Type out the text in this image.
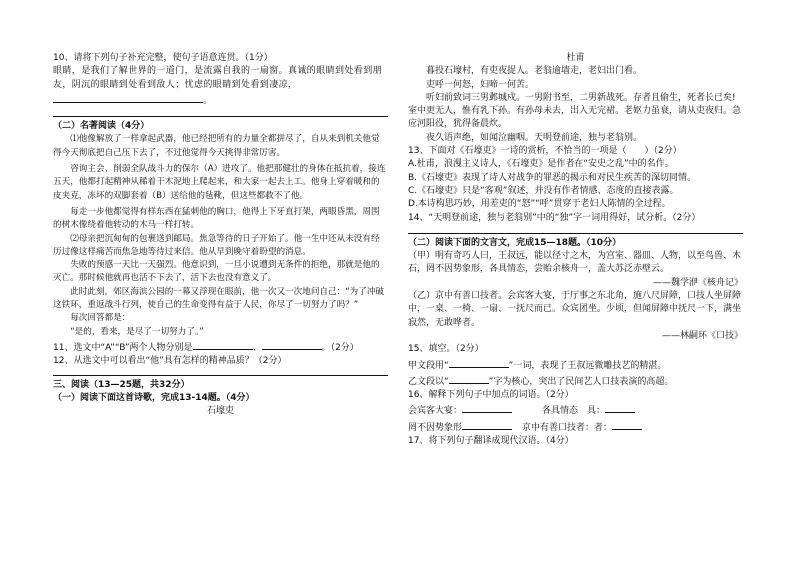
10、请将下列句子补充完整，使句子语意连贯。（1分）

眼睛，是我们了解世界的一道门，是流露自我的一扇窗。真诚的眼睛到处看到朋友，阴沉的眼睛到处看到敌人；忧虑的眼睛到处看到凄凉，。

（二）名著阅读（4分）

⑴他像解放了一样拿起武器，他已经把所有的力量全都拼尽了，自从来到机关他觉得今天彻底把自己压下去了，不过他觉得今天挑得非常厉害。

咨询主会、削弱全队战斗力的保尔（A）进攻了。他把那健壮的身体在抵抗着，接连五天，他都打起精神从稀着干木泥地上爬起来，和大家一起去上工。他身上穿着暖和的皮夹克，冻坏的双脚套着（B）送给他的毡靴，但这些都救不了他。

每走一步他都觉得有样东西在猛刺他的胸口，他得上下牙直打架，两眼昏黑，周围的树木像绕着他转动的木马一样打转。

⑵母亲把沉甸甸的包裹送到邮局。焦急等待的日子开始了。他一生中还从未没有经历过像这样痛苦而焦急地等待过来信。他从早到晚守着盼望的消息。

失败的预感一天比一天强烈。他意识到，一旦小说遭到无条件的拒绝，那就是他的灭亡。那时候他就再也活不下去了，活下去也没有意义了。

此时此刻，郊区海滨公园的一幕又浮现在眼前，他一次又一次地问自己：“为了冲破这铁环，重返战斗行列，使自己的生命变得有益于人民，你尽了一切努力了吗？”

每次回答都是：

“是的，看来，是尽了一切努力了。”

11、选文中“A”“B”两个人物分别是	、	。（2分）

12、从选文中可以看出“他”具有怎样的精神品质？（2分）

三、阅读（13—25题，共32分）

（一）阅读下面这首诗歌，完成13-14题。（4分）

石壕吏

杜甫

暮投石壕村，有吏夜捉人。老翁逾墙走，老妇出门看。

吏呼一何怒，妇啼一何苦。

听妇前致词三男邺城戍。一男附书至，二男新战死。存者且偷生，死者长已矣!室中更无人，惟有乳下孙。有孙母未去，出入无完裙。老妪力虽衰，请从吏夜归。急应河阳役，犹得备晨炊。

夜久语声绝，如闻泣幽咽。天明登前途，独与老翁别。

13、下面对《石壕吏》一诗的赏析，不恰当的一项是（　　）（2分）

A.杜甫，浪漫主义诗人，《石壕吏》是作者在“安史之乱”中的名作。

B.《石壕吏》表现了诗人对战争的罪恶的揭示和对民生疾苦的深切同情。

C.《石壕吏》只是“客观”叙述，并没有作者情感、态度的直接表露。

D.本诗构思巧妙，用差吏的“怒”“呼”贯穿于老妇人陈情的全过程。

14、“天明登前途，独与老翁别”中的“独”字一词用得好，试分析。（2分）

（二）阅读下面的文言文，完成15—18题。（10分）

（甲）明有奇巧人曰，王叔远，能以径寸之木，为宫室、器皿、人物，以至鸟兽、木石，罔不因势象形，各具情态，尝贻余核舟一，盖大苏泛赤壁云。

——魏学洢《核舟记》

（乙）京中有善口技者。会宾客大宴，于厅事之东北角，施八尺屏障，口技人坐屏障中，一桌、一椅、一扇、一抚尺而已。众宾团坐。少顷，但闻屏障中抚尺一下，满坐寂然，无敢哗者。

——林嗣环《口技》

15、填空。（2分）

甲文段用“	”一词，表现了王叔远微雕技艺的精湛。

乙文段以“	”字为核心，突出了民间艺人口技表演的高超。

16、解释下列句子中加点的词语。（2分）

会宾客大宴：	各具情态　具：

罔不因势象形	京中有善口技者：者：

17、将下列句子翻译成现代汉语。（4分）
